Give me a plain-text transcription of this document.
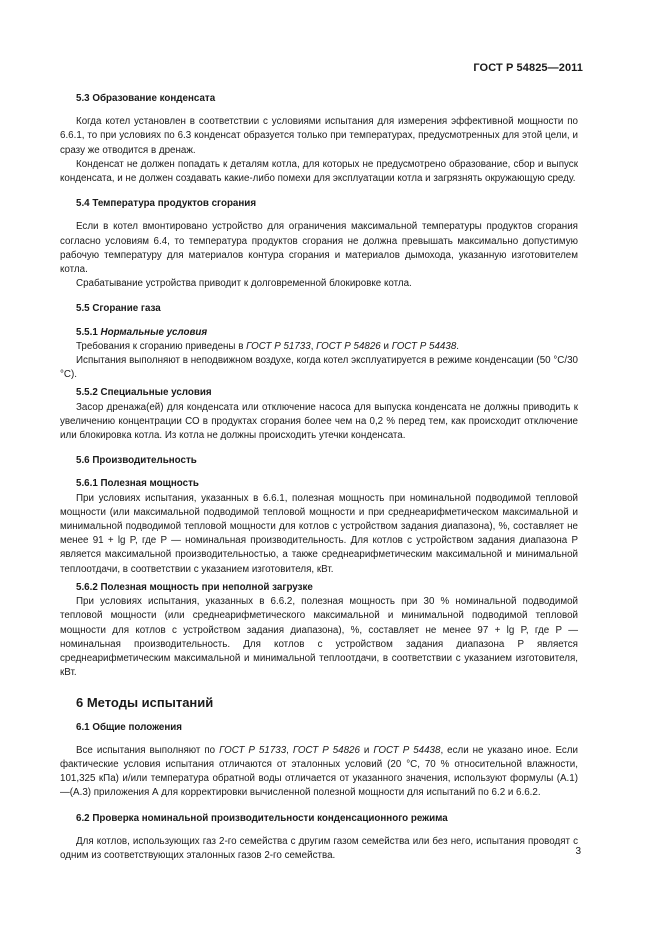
ГОСТ Р 54825—2011
5.3 Образование конденсата

Когда котел установлен в соответствии с условиями испытания для измерения эффективной мощности по 6.6.1, то при условиях по 6.3 конденсат образуется только при температурах, предусмотренных для этой цели, и сразу же отводится в дренаж.

Конденсат не должен попадать к деталям котла, для которых не предусмотрено образование, сбор и выпуск конденсата, и не должен создавать какие-либо помехи для эксплуатации котла и загрязнять окружающую среду.

5.4 Температура продуктов сгорания

Если в котел вмонтировано устройство для ограничения максимальной температуры продуктов сгорания согласно условиям 6.4, то температура продуктов сгорания не должна превышать максимально допустимую рабочую температуру для материалов контура сгорания и материалов дымохода, указанную изготовителем котла.

Срабатывание устройства приводит к долговременной блокировке котла.

5.5 Сгорание газа
5.5.1 Нормальные условия

Требования к сгоранию приведены в ГОСТ Р 51733, ГОСТ Р 54826 и ГОСТ Р 54438.

Испытания выполняют в неподвижном воздухе, когда котел эксплуатируется в режиме конденсации (50 °С/30 °С).

5.5.2 Специальные условия

Засор дренажа(ей) для конденсата или отключение насоса для выпуска конденсата не должны приводить к увеличению концентрации СО в продуктах сгорания более чем на 0,2 % перед тем, как происходит отключение или блокировка котла. Из котла не должны происходить утечки конденсата.

5.6 Производительность
5.6.1 Полезная мощность

При условиях испытания, указанных в 6.6.1, полезная мощность при номинальной подводимой тепловой мощности (или максимальной подводимой тепловой мощности и при среднеарифметическом максимальной и минимальной подводимой тепловой мощности для котлов с устройством задания диапазона), %, составляет не менее 91 + lg P, где P — номинальная производительность. Для котлов с устройством задания диапазона P является максимальной производительностью, а также среднеарифметическим максимальной и минимальной теплоотдачи, в соответствии с указанием изготовителя, кВт.

5.6.2 Полезная мощность при неполной загрузке

При условиях испытания, указанных в 6.6.2, полезная мощность при 30 % номинальной подводимой тепловой мощности (или среднеарифметического максимальной и минимальной подводимой тепловой мощности для котлов с устройством задания диапазона), %, составляет не менее 97 + lg P, где P — номинальная производительность. Для котлов с устройством задания диапазона P является среднеарифметическим максимальной и минимальной теплоотдачи, в соответствии с указанием изготовителя, кВт.

6 Методы испытаний
6.1 Общие положения

Все испытания выполняют по ГОСТ Р 51733, ГОСТ Р 54826 и ГОСТ Р 54438, если не указано иное. Если фактические условия испытания отличаются от эталонных условий (20 °С, 70 % относительной влажности, 101,325 кПа) и/или температура обратной воды отличается от указанного значения, используют формулы (А.1)—(А.3) приложения А для корректировки вычисленной полезной мощности для испытаний по 6.2 и 6.6.2.

6.2 Проверка номинальной производительности конденсационного режима

Для котлов, использующих газ 2-го семейства с другим газом семейства или без него, испытания проводят с одним из соответствующих эталонных газов 2-го семейства.	3
